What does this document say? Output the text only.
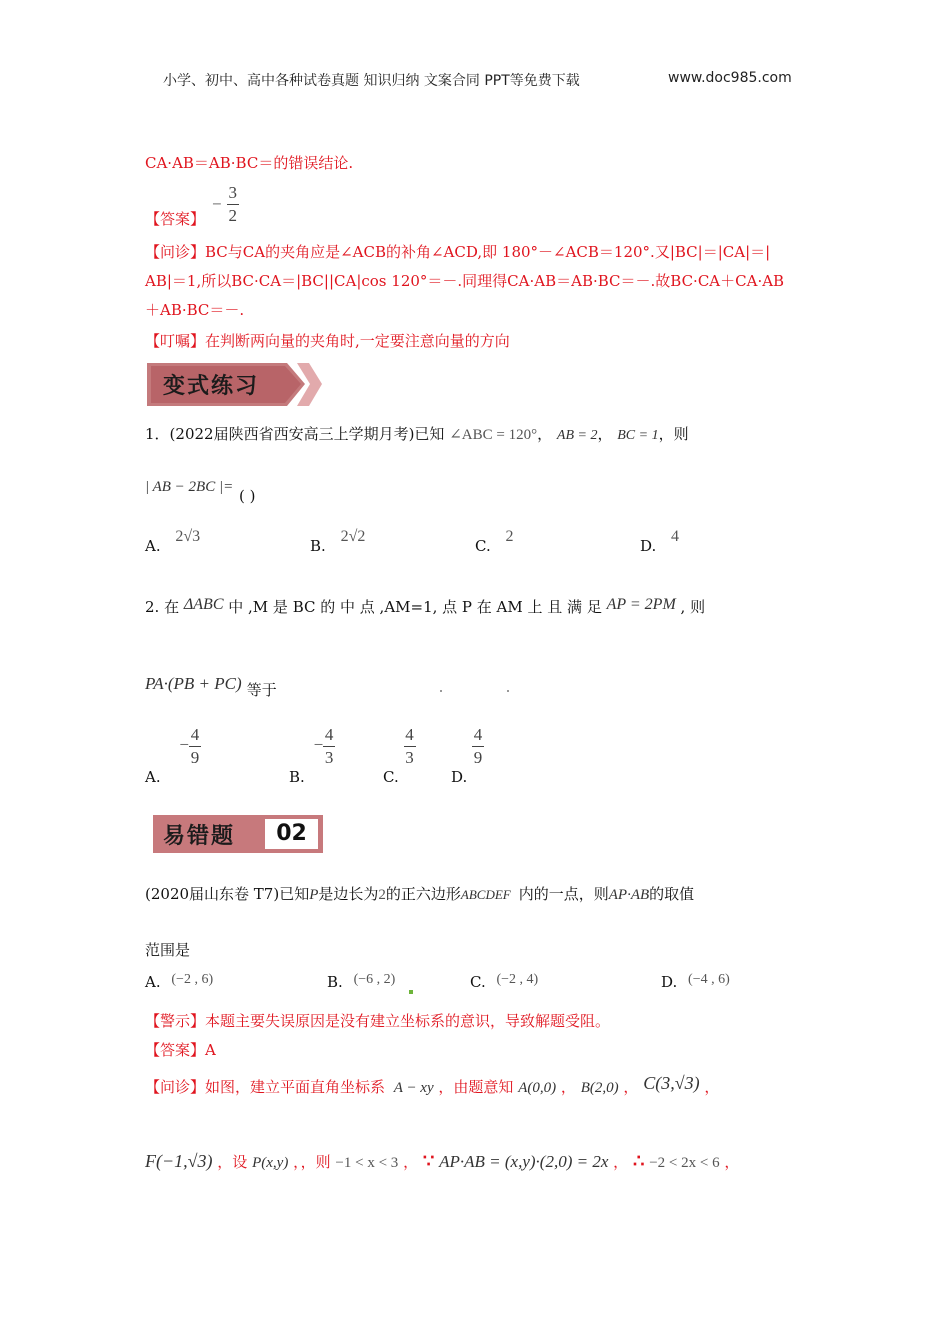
小学、初中、高中各种试卷真题 知识归纳 文案合同 PPT等免费下载	www.doc985.com
CA·AB＝AB·BC＝的错误结论.
【答案】
− $\frac{3}{2}$
【问诊】BC与CA的夹角应是∠ACB的补角∠ACD,即 180°－∠ACB＝120°.又|BC|＝|CA|＝|
AB|＝1,所以BC·CA＝|BC||CA|cos 120°＝－.同理得CA·AB＝AB·BC＝－.故BC·CA＋CA·AB
＋AB·BC＝－.
【叮嘱】在判断两向量的夹角时,一定要注意向量的方向
变式练习
1．(2022届陕西省西安高三上学期月考)已知 ∠ABC = 120°， AB = 2， BC = 1，则
| AB − 2BC |= ( )
A. 2√3
B. 2√2
C. 2
D. 4
2. 在 ΔABC 中 ,M 是 BC 的 中 点 ,AM=1, 点 P 在 AM 上 且 满 足 AP = 2PM , 则
PA·(PB + PC) 等于
A. − $\frac{4}{9}$
B. − $\frac{4}{3}$
C.
$\frac{4}{3}$
D.
$\frac{4}{9}$
易错题	02
(2020届山东卷 T7)已知P是边长为2的正六边形ABCDEF 内的一点，则AP·AB的取值
范围是
A. (−2 , 6)	B. (−6 , 2)	C. (−2 , 4)	D. (−4 , 6)
【警示】本题主要失误原因是没有建立坐标系的意识，导致解题受阻。
【答案】A
【问诊】如图，建立平面直角坐标系 A − xy ，由题意知 A(0,0) ， B(2,0) ， C(3,√3) ，
F(−1,√3) ，设 P(x,y) ，，则 −1 < x < 3 ， ∵ AP·AB = (x,y)·(2,0) = 2x ， ∴ −2 < 2x < 6 ，
